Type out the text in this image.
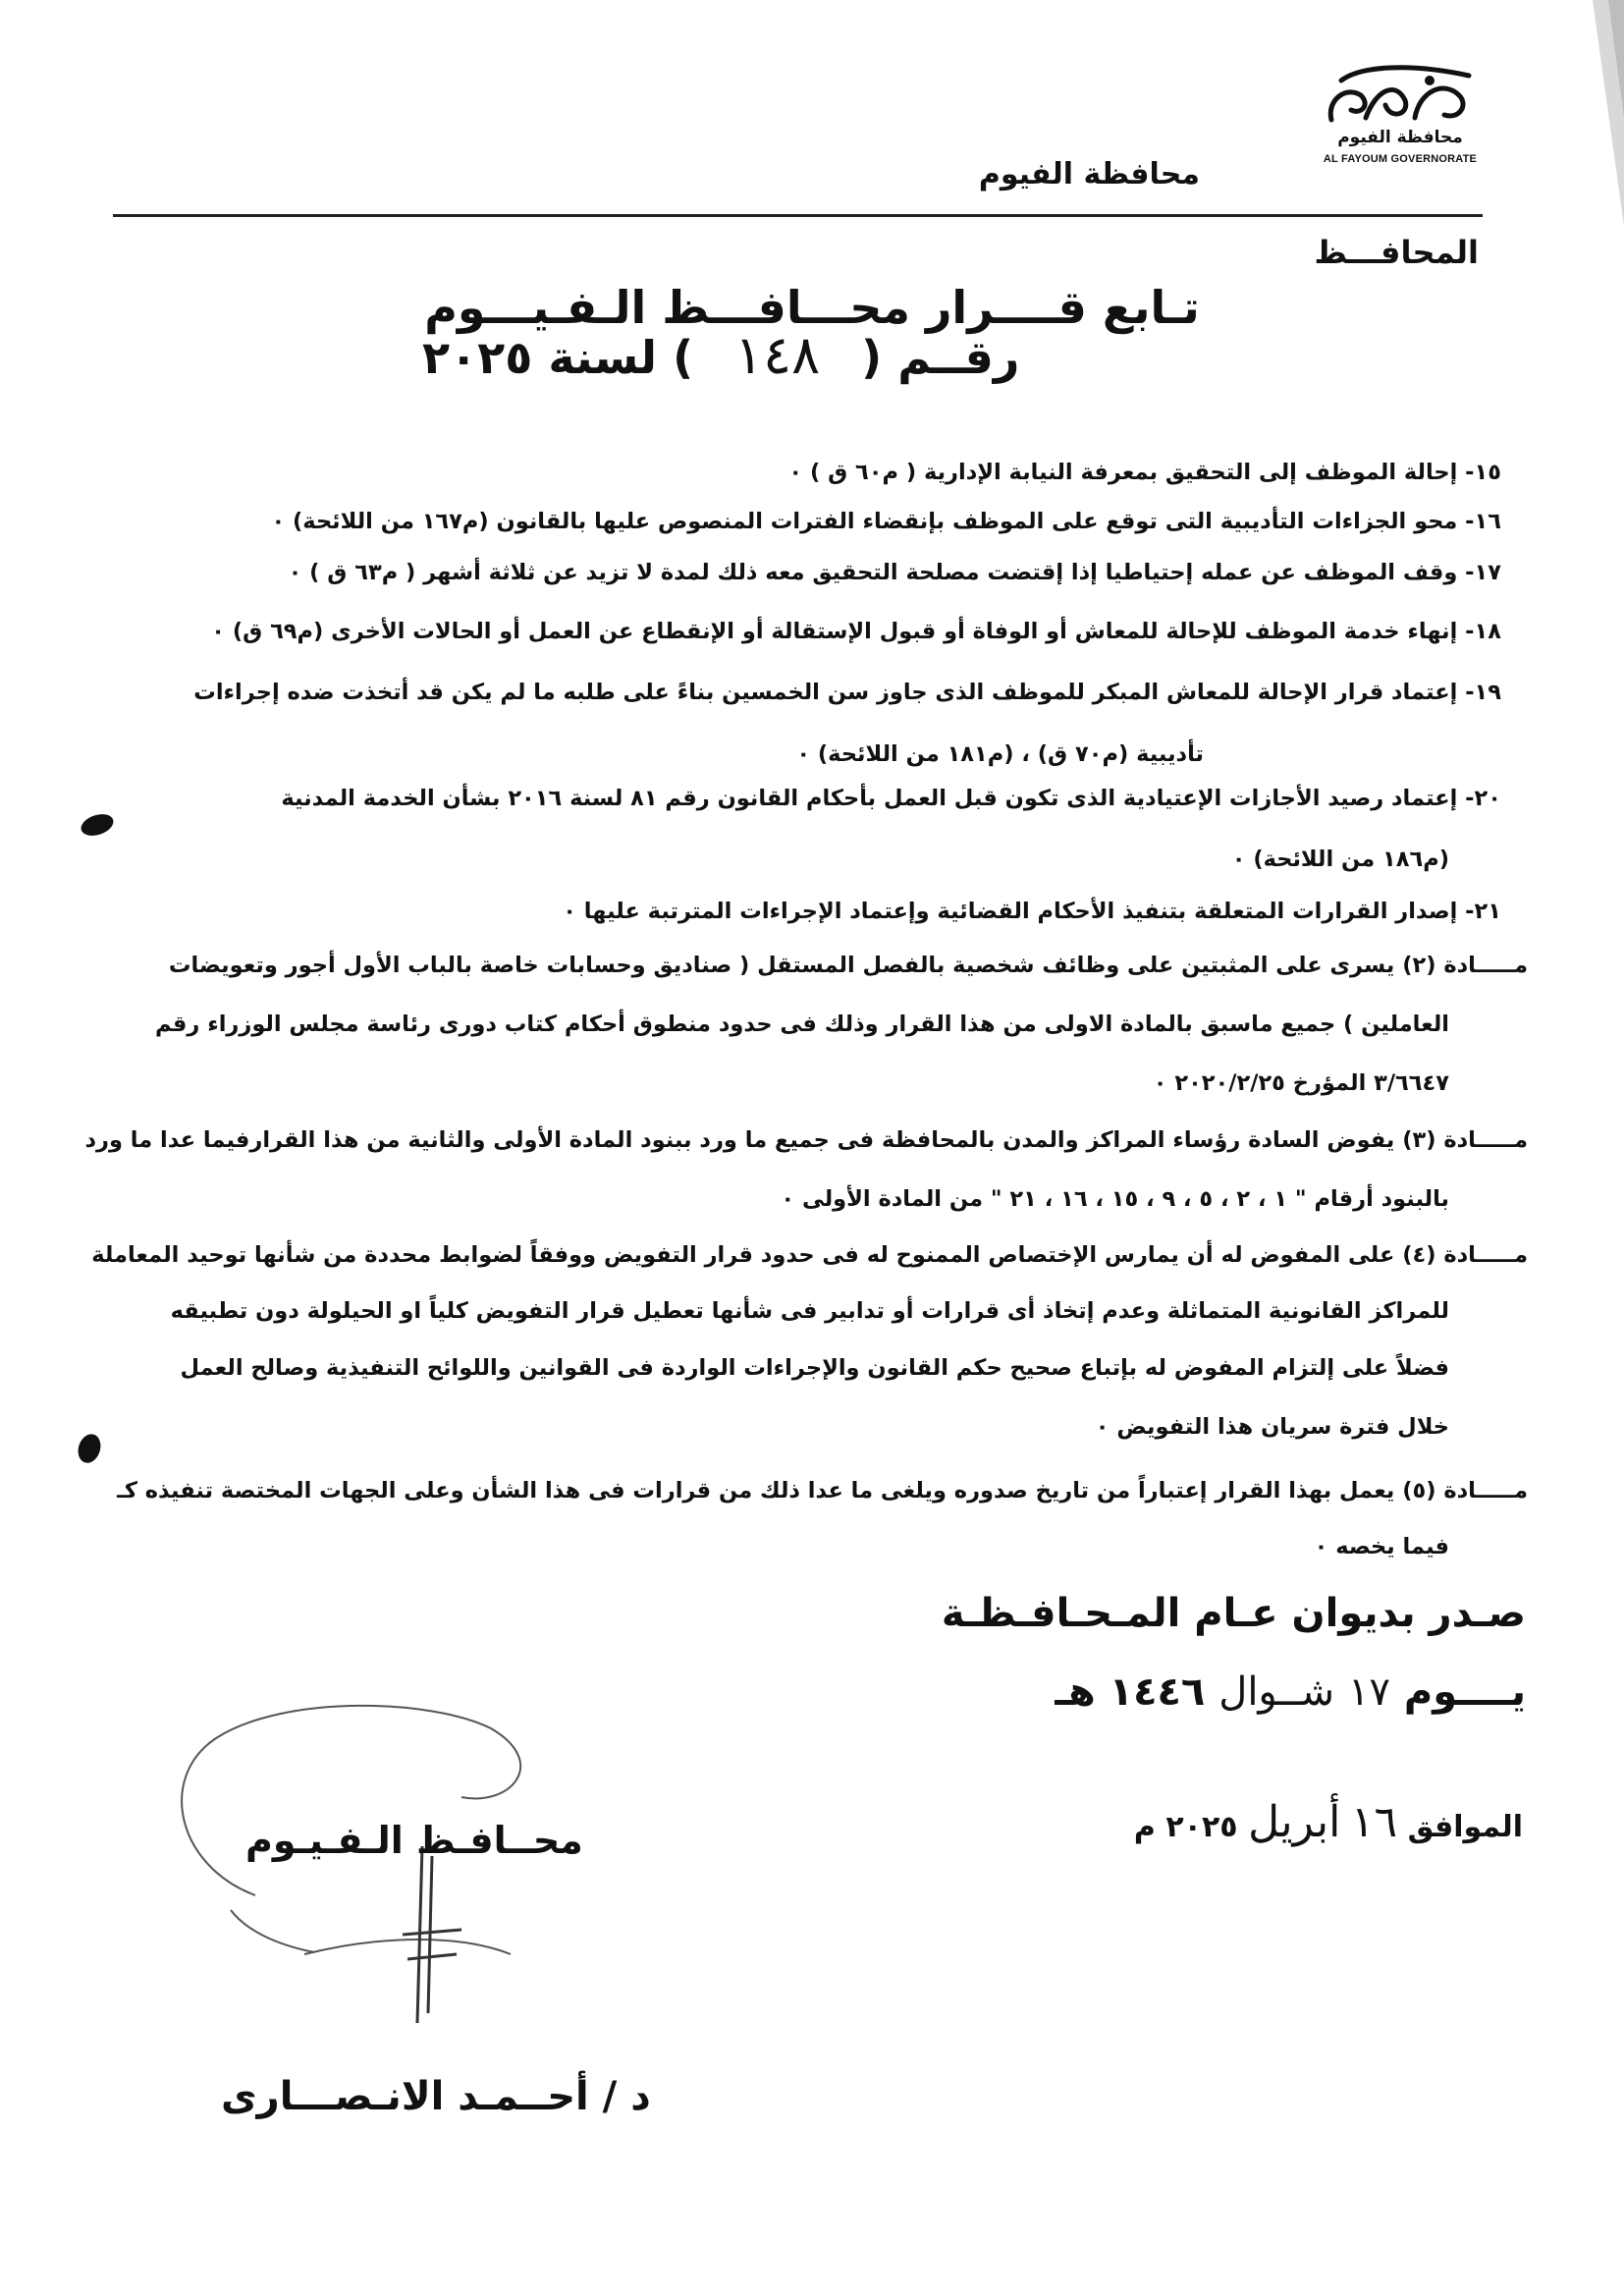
محافظة الفيوم
AL FAYOUM GOVERNORATE
محافظة الفيوم
المحافـــظ
تـابع قــــرار محـــافـــظ الـفـيـــوم
رقــم ( ١٤٨ ) لسنة ٢٠٢٥
١٥- إحالة الموظف إلى التحقيق بمعرفة النيابة الإدارية ( م٦٠ ق ) ٠
١٦- محو الجزاءات التأديبية التى توقع على الموظف بإنقضاء الفترات المنصوص عليها بالقانون (م١٦٧ من اللائحة) ٠
١٧- وقف الموظف عن عمله إحتياطيا إذا إقتضت مصلحة التحقيق معه ذلك لمدة لا تزيد عن ثلاثة أشهر ( م٦٣ ق ) ٠
١٨- إنهاء خدمة الموظف للإحالة للمعاش أو الوفاة أو قبول الإستقالة أو الإنقطاع عن العمل أو الحالات الأخرى (م٦٩ ق) ٠
١٩- إعتماد قرار الإحالة للمعاش المبكر للموظف الذى جاوز سن الخمسين بناءً على طلبه ما لم يكن قد أتخذت ضده إجراءات
تأديبية (م٧٠ ق) ، (م١٨١ من اللائحة) ٠
٢٠- إعتماد رصيد الأجازات الإعتيادية الذى تكون قبل العمل بأحكام القانون رقم ٨١ لسنة ٢٠١٦ بشأن الخدمة المدنية
(م١٨٦ من اللائحة) ٠
٢١- إصدار القرارات المتعلقة بتنفيذ الأحكام القضائية وإعتماد الإجراءات المترتبة عليها ٠
مـــــادة (٢) يسرى على المثبتين على وظائف شخصية بالفصل المستقل ( صناديق وحسابات خاصة بالباب الأول أجور وتعويضات
العاملين ) جميع ماسبق بالمادة الاولى من هذا القرار وذلك فى حدود منطوق أحكام كتاب دورى رئاسة مجلس الوزراء رقم
٣/٦٦٤٧ المؤرخ ٢٠٢٠/٢/٢٥ ٠
مـــــادة (٣) يفوض السادة رؤساء المراكز والمدن بالمحافظة فى جميع ما ورد ببنود المادة الأولى والثانية من هذا القرارفيما عدا ما ورد
بالبنود أرقام " ١ ، ٢ ، ٥ ، ٩ ، ١٥ ، ١٦ ، ٢١ " من المادة الأولى ٠
مـــــادة (٤) على المفوض له أن يمارس الإختصاص الممنوح له فى حدود قرار التفويض ووفقاً لضوابط محددة من شأنها توحيد المعاملة
للمراكز القانونية المتماثلة وعدم إتخاذ أى قرارات أو تدابير فى شأنها تعطيل قرار التفويض كلياً او الحيلولة دون تطبيقه
فضلاً على إلتزام المفوض له بإتباع صحيح حكم القانون والإجراءات الواردة فى القوانين واللوائح التنفيذية وصالح العمل
خلال فترة سريان هذا التفويض ٠
مـــــادة (٥) يعمل بهذا القرار إعتباراً من تاريخ صدوره ويلغى ما عدا ذلك من قرارات فى هذا الشأن وعلى الجهات المختصة تنفيذه كـ
فيما يخصه ٠
صـدر بديوان عـام المـحـافـظـة
يــــوم ١٧ شــوال ١٤٤٦ هـ
الموافق ١٦ أبريل ٢٠٢٥ م
محــافـظ الـفـيـوم
د / أحــمـد الانـصـــارى
